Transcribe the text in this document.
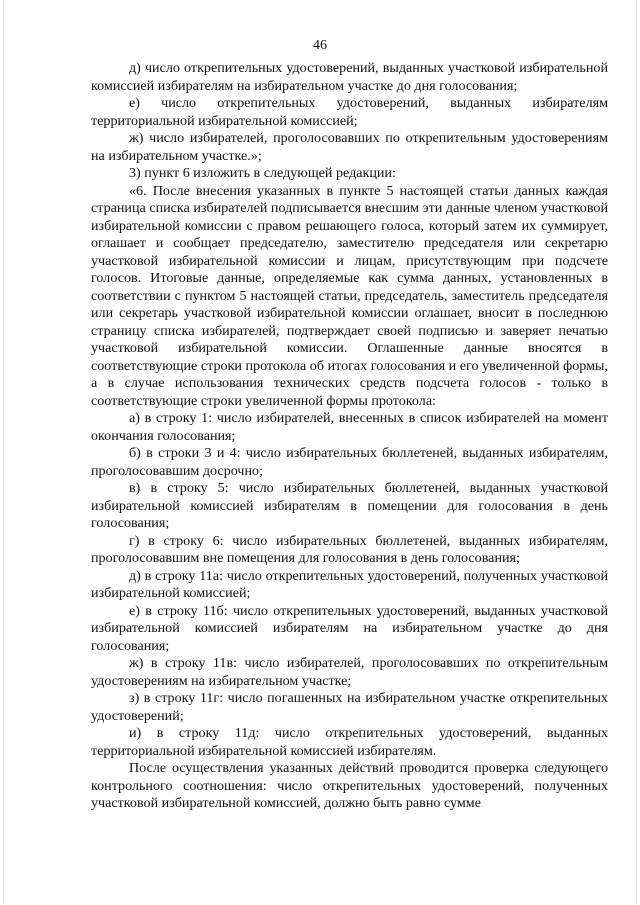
46

д) число открепительных удостоверений, выданных участковой избирательной комиссией избирателям на избирательном участке до дня голосования;

е) число открепительных удостоверений, выданных избирателям территориальной избирательной комиссией;

ж) число избирателей, проголосовавших по открепительным удостоверениям на избирательном участке.»;

3) пункт 6 изложить в следующей редакции:

«6. После внесения указанных в пункте 5 настоящей статьи данных каждая страница списка избирателей подписывается внесшим эти данные членом участковой избирательной комиссии с правом решающего голоса, который затем их суммирует, оглашает и сообщает председателю, заместителю председателя или секретарю участковой избирательной комиссии и лицам, присутствующим при подсчете голосов. Итоговые данные, определяемые как сумма данных, установленных в соответствии с пунктом 5 настоящей статьи, председатель, заместитель председателя или секретарь участковой избирательной комиссии оглашает, вносит в последнюю страницу списка избирателей, подтверждает своей подписью и заверяет печатью участковой избирательной комиссии. Оглашенные данные вносятся в соответствующие строки протокола об итогах голосования и его увеличенной формы, а в случае использования технических средств подсчета голосов - только в соответствующие строки увеличенной формы протокола:

а) в строку 1: число избирателей, внесенных в список избирателей на момент окончания голосования;

б) в строки 3 и 4: число избирательных бюллетеней, выданных избирателям, проголосовавшим досрочно;

в) в строку 5: число избирательных бюллетеней, выданных участковой избирательной комиссией избирателям в помещении для голосования в день голосования;

г) в строку 6: число избирательных бюллетеней, выданных избирателям, проголосовавшим вне помещения для голосования в день голосования;

д) в строку 11а: число открепительных удостоверений, полученных участковой избирательной комиссией;

е) в строку 11б: число открепительных удостоверений, выданных участковой избирательной комиссией избирателям на избирательном участке до дня голосования;

ж) в строку 11в: число избирателей, проголосовавших по открепительным удостоверениям на избирательном участке;

з) в строку 11г: число погашенных на избирательном участке открепительных удостоверений;

и) в строку 11д: число открепительных удостоверений, выданных территориальной избирательной комиссией избирателям.

После осуществления указанных действий проводится проверка следующего контрольного соотношения: число открепительных удостоверений, полученных участковой избирательной комиссией, должно быть равно сумме
